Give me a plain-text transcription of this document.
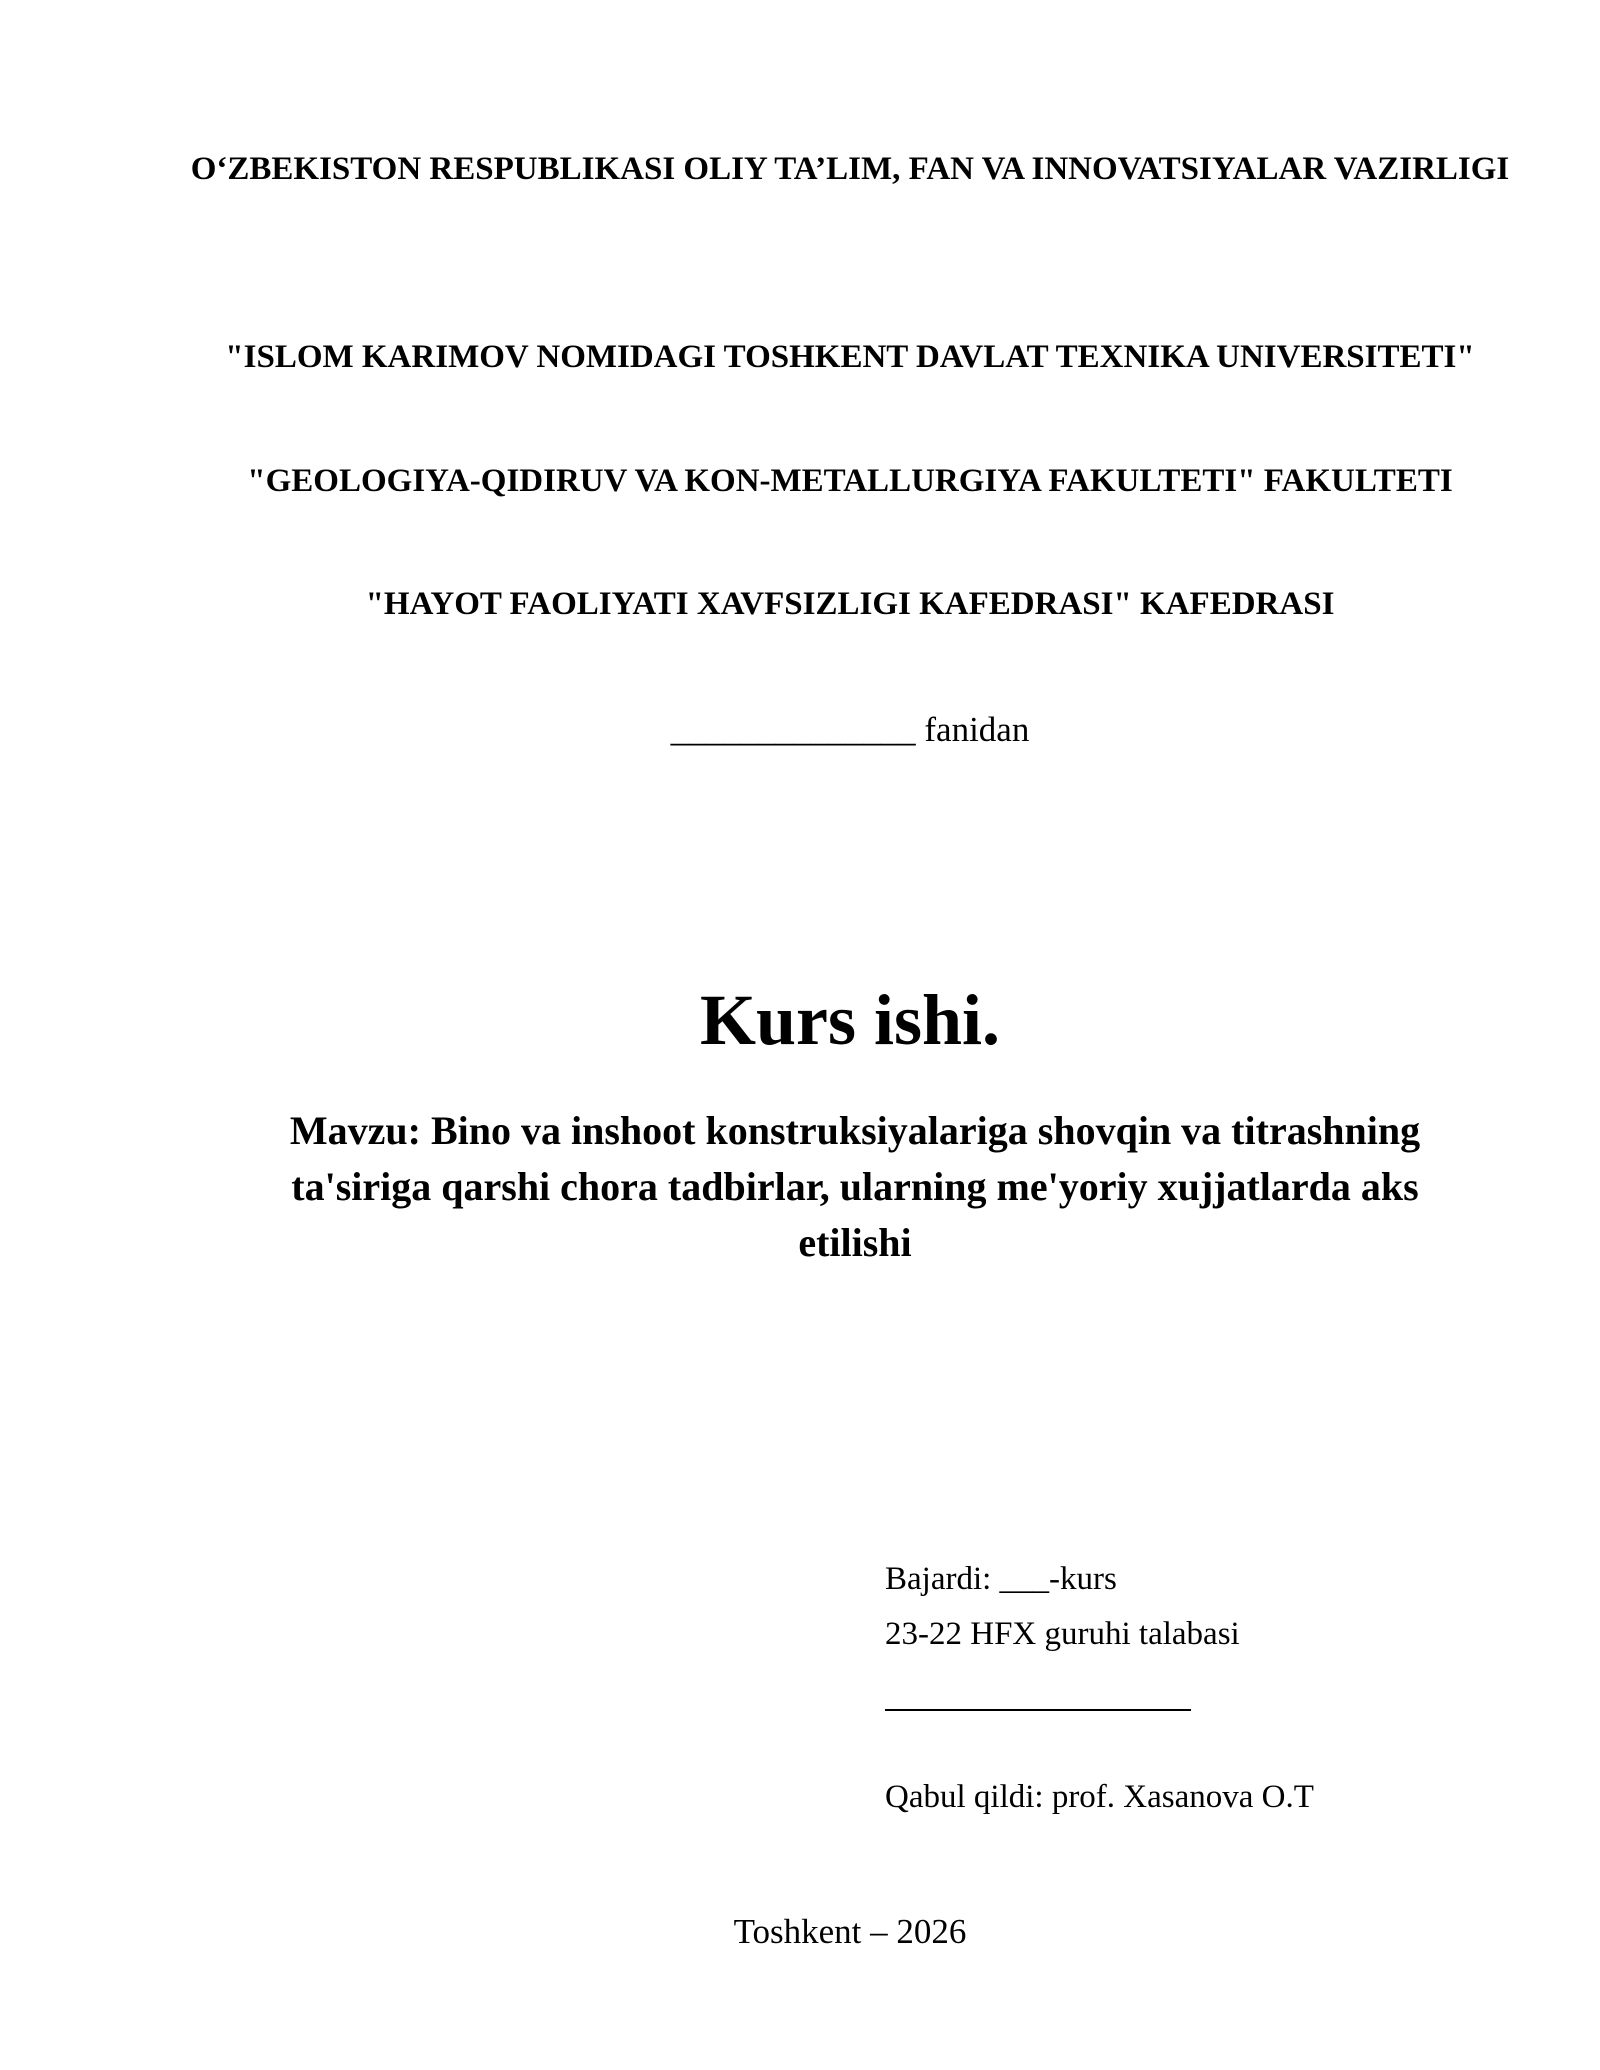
O‘ZBEKISTON RESPUBLIKASI OLIY TA’LIM, FAN VA INNOVATSIYALAR VAZIRLIGI
"ISLOM KARIMOV NOMIDAGI TOSHKENT DAVLAT TEXNIKA UNIVERSITETI"
"GEOLOGIYA-QIDIRUV VA KON-METALLURGIYA FAKULTETI" FAKULTETI
"HAYOT FAOLIYATI XAVFSIZLIGI KAFEDRASI" KAFEDRASI
______________ fanidan
Kurs ishi.
Mavzu: Bino va inshoot konstruksiyalariga shovqin va titrashning ta'siriga qarshi chora tadbirlar, ularning me'yoriy xujjatlarda aks etilishi
Bajardi: ___-kurs
23-22 HFX guruhi talabasi
Qabul qildi: prof. Xasanova O.T
Toshkent – 2026
